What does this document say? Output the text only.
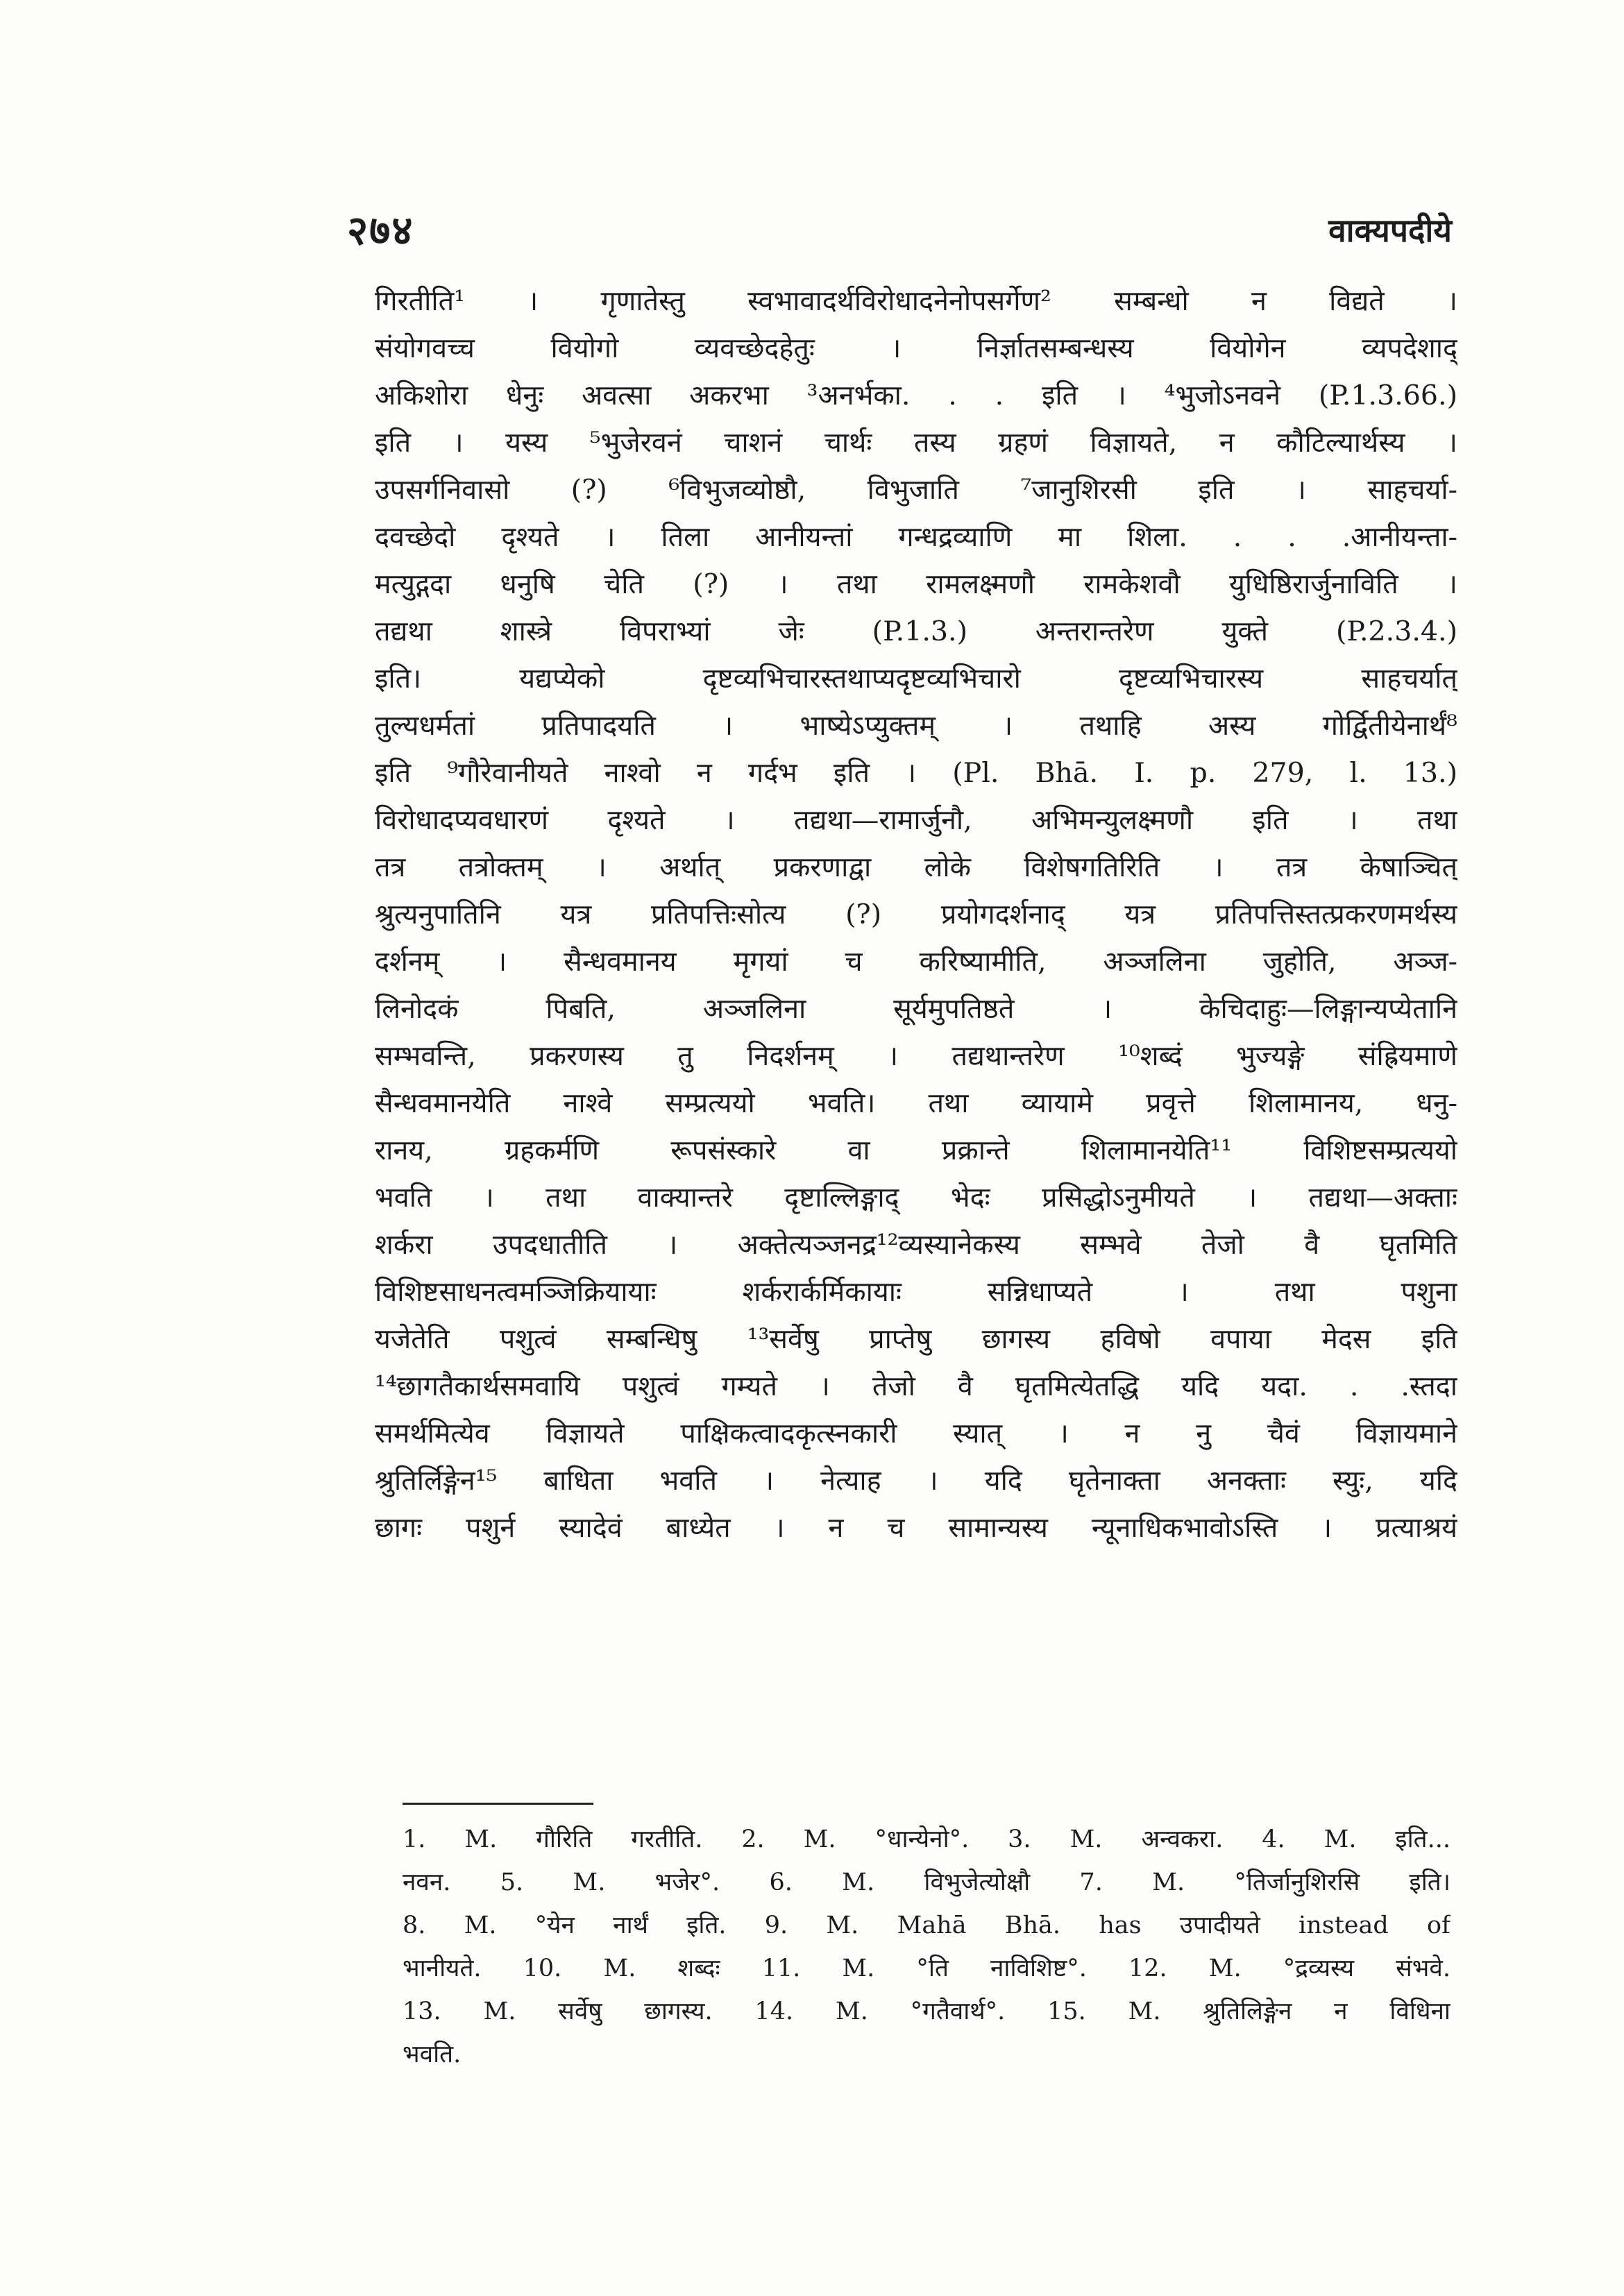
२७४	वाक्यपदीये
गिरतीति¹ । गृणातेस्तु स्वभावादर्थविरोधादनेनोपसर्गेण² सम्बन्धो न विद्यते ।
संयोगवच्च वियोगो व्यवच्छेदहेतुः । निर्ज्ञातसम्बन्धस्य वियोगेन व्यपदेशाद्
अकिशोरा धेनुः अवत्सा अकरभा ³अनर्भका. . . इति । ⁴भुजोऽनवने (P.1.3.66.)
इति । यस्य ⁵भुजेरवनं चाशनं चार्थः तस्य ग्रहणं विज्ञायते, न कौटिल्यार्थस्य ।
उपसर्गनिवासो (?) ⁶विभुजव्योष्ठौ, विभुजाति ⁷जानुशिरसी इति । साहचर्या-
दवच्छेदो दृश्यते । तिला आनीयन्तां गन्धद्रव्याणि मा शिला. . . .आनीयन्ता-
मत्युद्गदा धनुषि चेति (?) । तथा रामलक्ष्मणौ रामकेशवौ युधिष्ठिरार्जुनाविति ।
तद्यथा शास्त्रे विपराभ्यां जेः (P.1.3.) अन्तरान्तरेण युक्ते (P.2.3.4.)
इति। यद्यप्येको दृष्टव्यभिचारस्तथाप्यदृष्टव्यभिचारो दृष्टव्यभिचारस्य साहचर्यात्
तुल्यधर्मतां प्रतिपादयति । भाष्येऽप्युक्तम् । तथाहि अस्य गोर्द्वितीयेनार्थं⁸
इति ⁹गौरेवानीयते नाश्वो न गर्दभ इति । (Pl. Bhā. I. p. 279, l. 13.)
विरोधादप्यवधारणं दृश्यते । तद्यथा—रामार्जुनौ, अभिमन्युलक्ष्मणौ इति । तथा
तत्र तत्रोक्तम् । अर्थात् प्रकरणाद्वा लोके विशेषगतिरिति । तत्र केषाञ्चित्
श्रुत्यनुपातिनि यत्र प्रतिपत्तिःसोत्य (?) प्रयोगदर्शनाद् यत्र प्रतिपत्तिस्तत्प्रकरणमर्थस्य
दर्शनम् । सैन्धवमानय मृगयां च करिष्यामीति, अञ्जलिना जुहोति, अञ्ज-
लिनोदकं पिबति, अञ्जलिना सूर्यमुपतिष्ठते । केचिदाहुः—लिङ्गान्यप्येतानि
सम्भवन्ति, प्रकरणस्य तु निदर्शनम् । तद्यथान्तरेण ¹⁰शब्दं भुज्यङ्गे संह्रियमाणे
सैन्धवमानयेति नाश्वे सम्प्रत्ययो भवति। तथा व्यायामे प्रवृत्ते शिलामानय, धनु-
रानय, ग्रहकर्मणि रूपसंस्कारे वा प्रक्रान्ते शिलामानयेति¹¹ विशिष्टसम्प्रत्ययो
भवति । तथा वाक्यान्तरे दृष्टाल्लिङ्गाद् भेदः प्रसिद्धोऽनुमीयते । तद्यथा—अक्ताः
शर्करा उपदधातीति । अक्तेत्यञ्जनद्र¹²व्यस्यानेकस्य सम्भवे तेजो वै घृतमिति
विशिष्टसाधनत्वमञ्जिक्रियायाः शर्करार्कर्मिकायाः सन्निधाप्यते । तथा पशुना
यजेतेति पशुत्वं सम्बन्धिषु ¹³सर्वेषु प्राप्तेषु छागस्य हविषो वपाया मेदस इति
¹⁴छागतैकार्थसमवायि पशुत्वं गम्यते । तेजो वै घृतमित्येतद्धि यदि यदा. . .स्तदा
समर्थमित्येव विज्ञायते पाक्षिकत्वादकृत्स्नकारी स्यात् । न नु चैवं विज्ञायमाने
श्रुतिर्लिङ्गेन¹⁵ बाधिता भवति । नेत्याह । यदि घृतेनाक्ता अनक्ताः स्युः, यदि
छागः पशुर्न स्यादेवं बाध्येत । न च सामान्यस्य न्यूनाधिकभावोऽस्ति । प्रत्याश्रयं
1. M. गौरिति गरतीति. 2. M. °धान्येनो°. 3. M. अन्वकरा. 4. M. इति...
नवन. 5. M. भजेर°. 6. M. विभुजेत्योक्षौ 7. M. °तिर्जानुशिरसि इति।
8. M. °येन नार्थं इति. 9. M. Mahā Bhā. has उपादीयते instead of
भानीयते. 10. M. शब्दः 11. M. °ति नाविशिष्ट°. 12. M. °द्रव्यस्य संभवे.
13. M. सर्वेषु छागस्य. 14. M. °गतैवार्थ°. 15. M. श्रुतिलिङ्गेन न विधिना
भवति.
